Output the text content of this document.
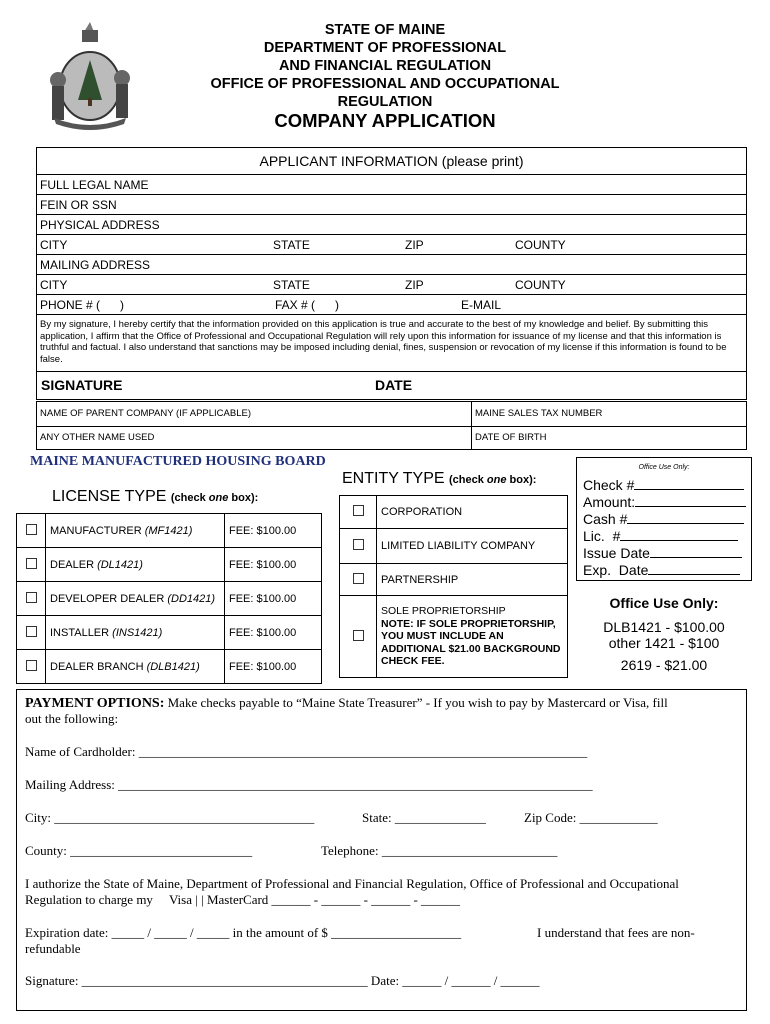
STATE OF MAINE
DEPARTMENT OF PROFESSIONAL
AND FINANCIAL REGULATION
OFFICE OF PROFESSIONAL AND OCCUPATIONAL
REGULATION
COMPANY APPLICATION
APPLICANT INFORMATION (please print)
FULL LEGAL NAME
FEIN OR SSN
PHYSICAL ADDRESS
CITY	STATE	ZIP	COUNTY
MAILING ADDRESS
CITY	STATE	ZIP	COUNTY
PHONE # (      )	FAX # (      )	E-MAIL
By my signature, I hereby certify that the information provided on this application is true and accurate to the best of my knowledge and belief. By submitting this application, I affirm that the Office of Professional and Occupational Regulation will rely upon this information for issuance of my license and that this information is truthful and factual. I also understand that sanctions may be imposed including denial, fines, suspension or revocation of my license if this information is found to be false.
SIGNATURE	DATE
NAME OF PARENT COMPANY (IF APPLICABLE)	MAINE SALES TAX NUMBER
ANY OTHER NAME USED	DATE OF BIRTH
MAINE MANUFACTURED HOUSING BOARD
LICENSE TYPE (check one box):
	MANUFACTURER (MF1421)	FEE: $100.00
	DEALER (DL1421)	FEE: $100.00
	DEVELOPER DEALER (DD1421)	FEE: $100.00
	INSTALLER (INS1421)	FEE: $100.00
	DEALER BRANCH (DLB1421)	FEE: $100.00
ENTITY TYPE (check one box):
	CORPORATION
	LIMITED LIABILITY COMPANY
	PARTNERSHIP

	SOLE PROPRIETORSHIP
NOTE: IF SOLE PROPRIETORSHIP, YOU MUST INCLUDE AN ADDITIONAL $21.00 BACKGROUND CHECK FEE.
Office Use Only:
Check #
Amount:
Cash #
Lic.  #
Issue Date
Exp.  Date
Office Use Only:
DLB1421 - $100.00
other 1421 - $100
2619 - $21.00
PAYMENT OPTIONS: Make checks payable to “Maine State Treasurer” - If you wish to pay by Mastercard or Visa, fill
out the following:
Name of Cardholder: _____________________________________________________________________
Mailing Address: _________________________________________________________________________
City: ________________________________________	State: ______________	Zip Code: ____________
County: ____________________________	Telephone: ___________________________
I authorize the State of Maine, Department of Professional and Financial Regulation, Office of Professional and Occupational
Regulation to charge my     Visa | | MasterCard ______ - ______ - ______ - ______
Expiration date: _____ / _____ / _____ in the amount of $ ____________________	I understand that fees are non-
refundable
Signature: ____________________________________________ Date: ______ / ______ / ______
